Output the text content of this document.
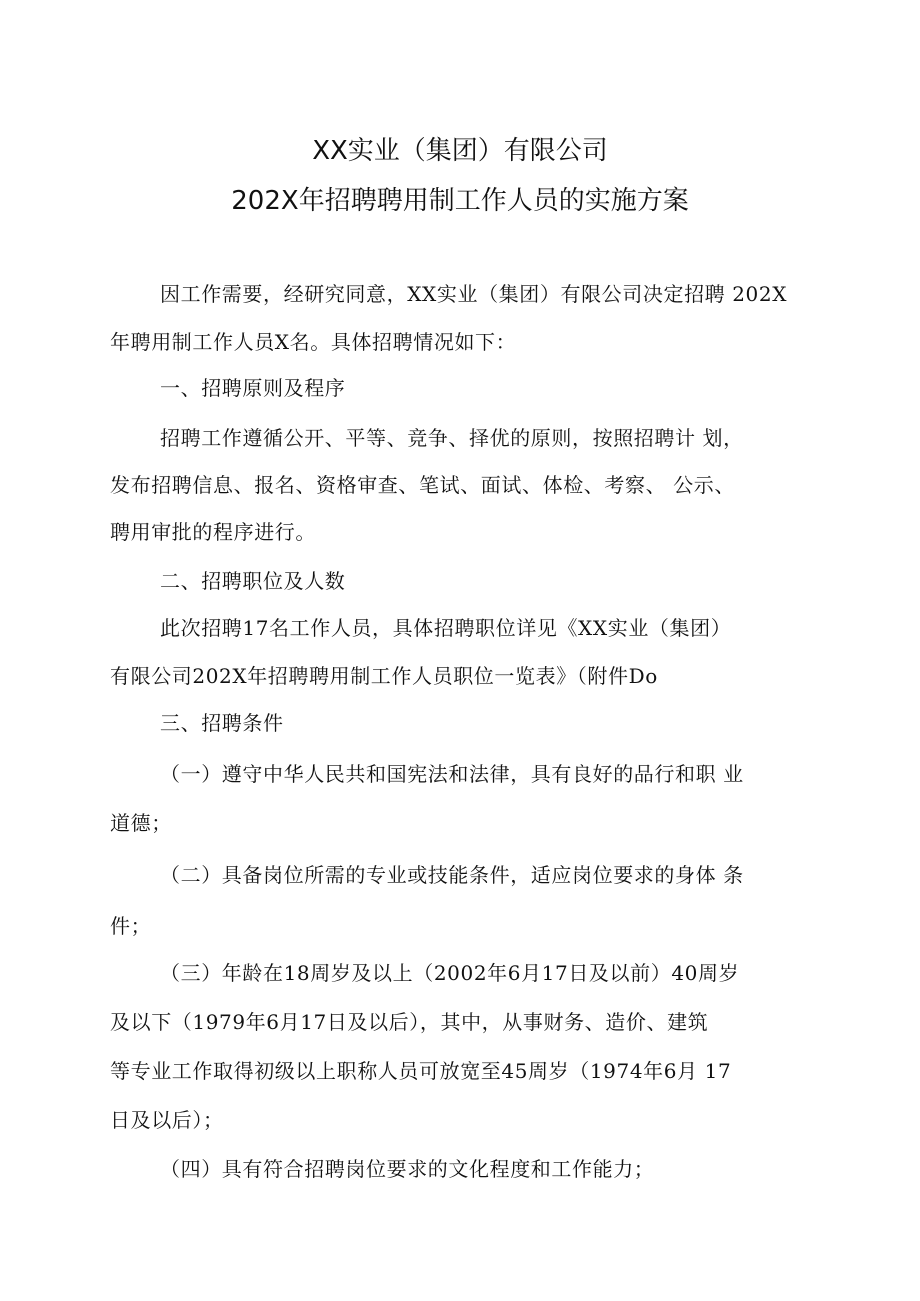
XX实业（集团）有限公司
202X年招聘聘用制工作人员的实施方案
因工作需要，经研究同意，XX实业（集团）有限公司决定招聘 202X
年聘用制工作人员X名。具体招聘情况如下：
一、招聘原则及程序
招聘工作遵循公开、平等、竞争、择优的原则，按照招聘计 划，
发布招聘信息、报名、资格审查、笔试、面试、体检、考察、 公示、
聘用审批的程序进行。
二、招聘职位及人数
此次招聘17名工作人员，具体招聘职位详见《XX实业（集团）
有限公司202X年招聘聘用制工作人员职位一览表》（附件Do
三、招聘条件
（一）遵守中华人民共和国宪法和法律，具有良好的品行和职 业
道德；
（二）具备岗位所需的专业或技能条件，适应岗位要求的身体 条
件；
（三）年龄在18周岁及以上（2002年6月17日及以前）40周岁
及以下（1979年6月17日及以后），其中，从事财务、造价、建筑
等专业工作取得初级以上职称人员可放宽至45周岁（1974年6月 17
日及以后）；
（四）具有符合招聘岗位要求的文化程度和工作能力；
